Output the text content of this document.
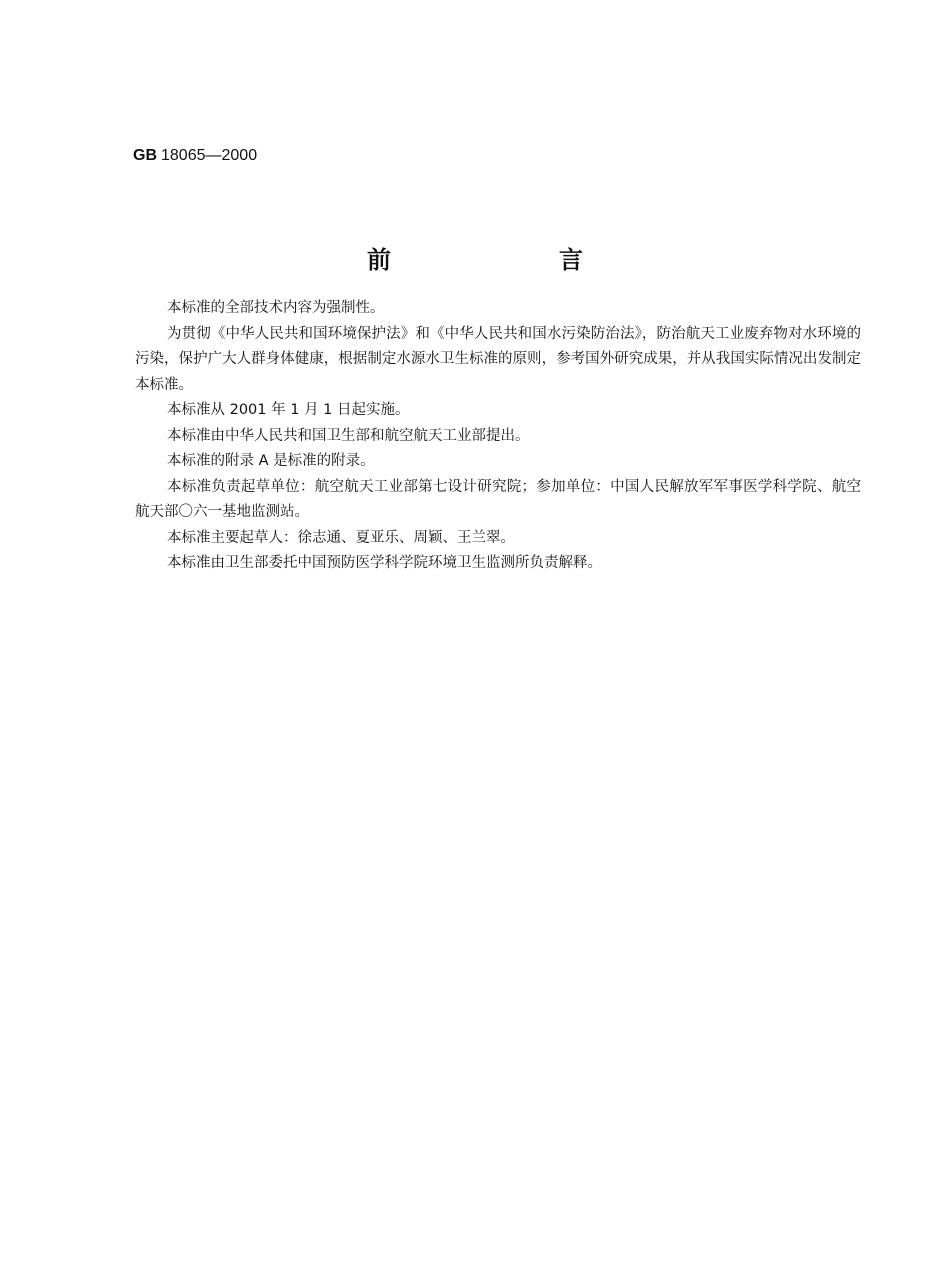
GB 18065—2000
前　言

本标准的全部技术内容为强制性。

为贯彻《中华人民共和国环境保护法》和《中华人民共和国水污染防治法》，防治航天工业废弃物对水环境的污染，保护广大人群身体健康，根据制定水源水卫生标准的原则，参考国外研究成果，并从我国实际情况出发制定本标准。

本标准从 2001 年 1 月 1 日起实施。

本标准由中华人民共和国卫生部和航空航天工业部提出。

本标准的附录 A 是标准的附录。

本标准负责起草单位：航空航天工业部第七设计研究院；参加单位：中国人民解放军军事医学科学院、航空航天部〇六一基地监测站。

本标准主要起草人：徐志通、夏亚乐、周颖、王兰翠。

本标准由卫生部委托中国预防医学科学院环境卫生监测所负责解释。
